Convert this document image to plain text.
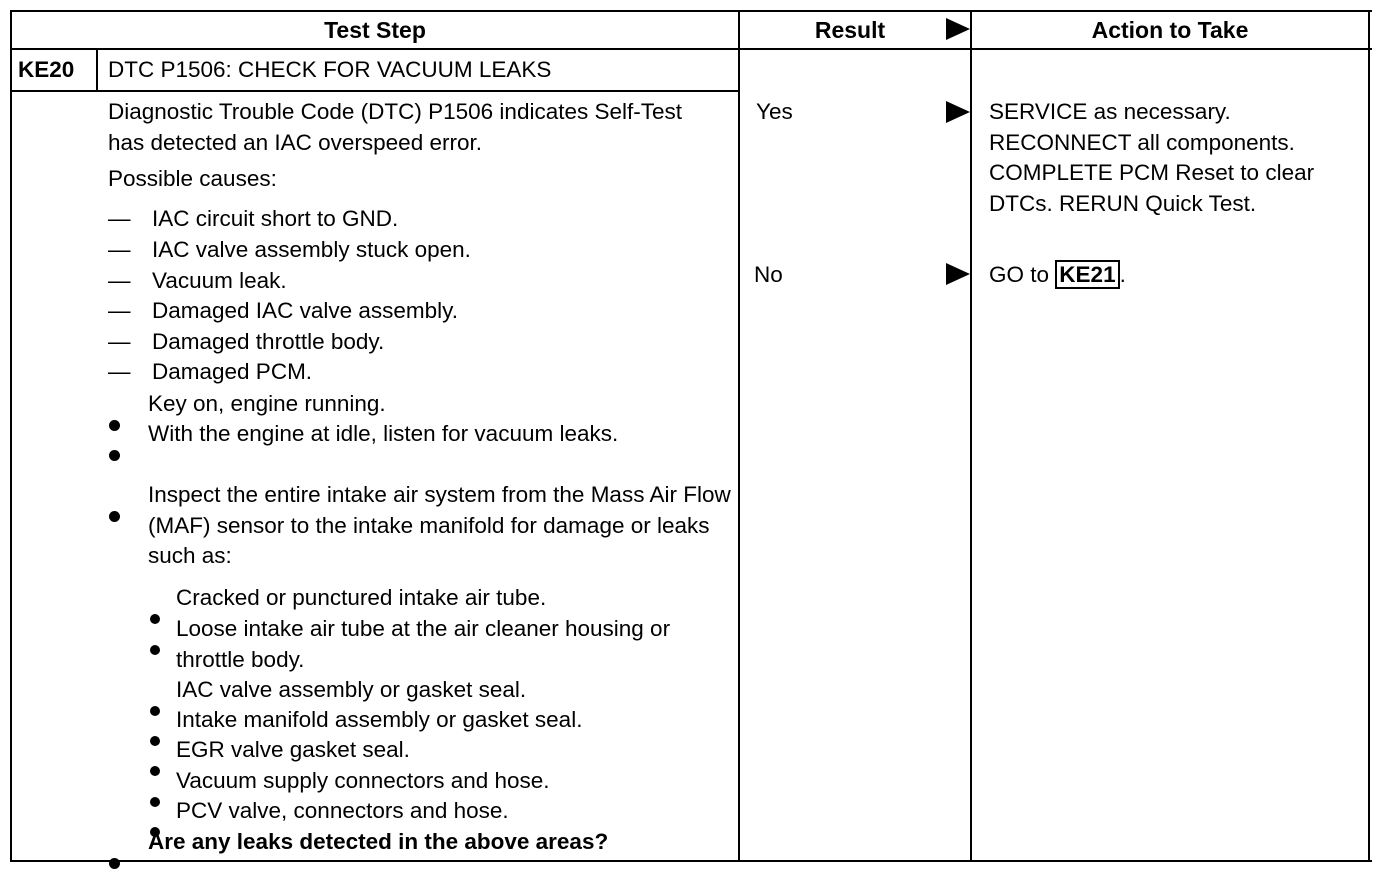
Test Step	Result	Action to Take
KE20 DTC P1506: CHECK FOR VACUUM LEAKS
Diagnostic Trouble Code (DTC) P1506 indicates Self-Test has detected an IAC overspeed error.
Possible causes:
— IAC circuit short to GND.
— IAC valve assembly stuck open.
— Vacuum leak.
— Damaged IAC valve assembly.
— Damaged throttle body.
— Damaged PCM.
Key on, engine running.
With the engine at idle, listen for vacuum leaks.
Inspect the entire intake air system from the Mass Air Flow (MAF) sensor to the intake manifold for damage or leaks such as:
Cracked or punctured intake air tube.
Loose intake air tube at the air cleaner housing or throttle body.
IAC valve assembly or gasket seal.
Intake manifold assembly or gasket seal.
EGR valve gasket seal.
Vacuum supply connectors and hose.
PCV valve, connectors and hose.
Are any leaks detected in the above areas?
Yes
No
SERVICE as necessary. RECONNECT all components. COMPLETE PCM Reset to clear DTCs. RERUN Quick Test.
GO to KE21 .
